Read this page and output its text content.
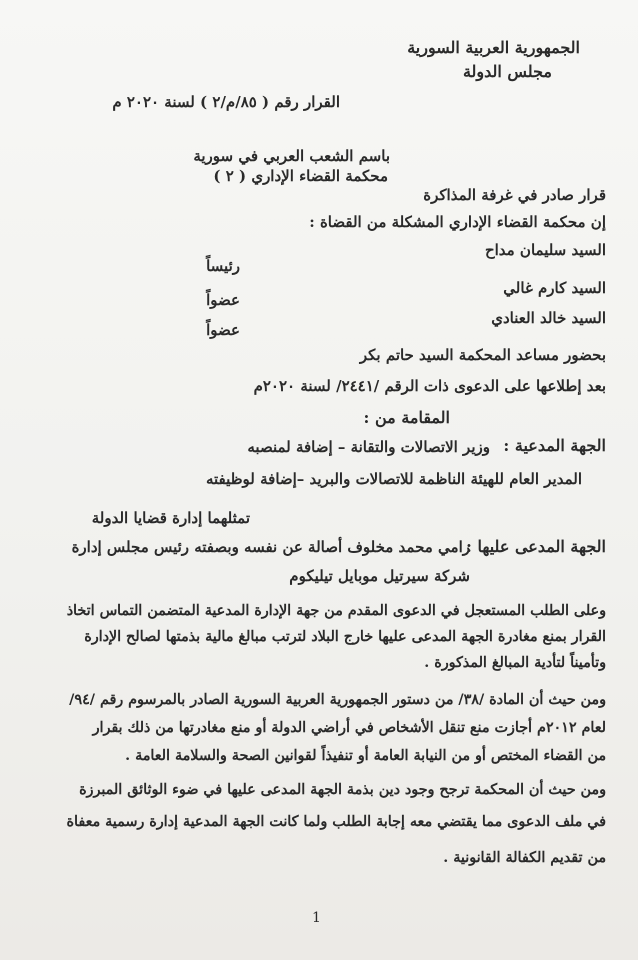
الجمهورية العربية السورية
مجلس الدولة
القرار رقم ( ٨٥/م/٢ ) لسنة ٢٠٢٠ م
باسم الشعب العربي في سورية
محكمة القضاء الإداري ( ٢ )
قرار صادر في غرفة المذاكرة
إن محكمة القضاء الإداري المشكلة من القضاة :
السيد سليمان مداح
رئيساً
السيد كارم غالي
عضواً
السيد خالد العنادي
عضواً
بحضور مساعد المحكمة السيد حاتم بكر
بعد إطلاعها على الدعوى ذات الرقم /٢٤٤١/ لسنة ٢٠٢٠م
المقامة من :
الجهة المدعية :
وزير الاتصالات والتقانة – إضافة لمنصبه
المدير العام للهيئة الناظمة للاتصالات والبريد –إضافة لوظيفته
تمثلهما إدارة قضايا الدولة
الجهة المدعى عليها :
رامي محمد مخلوف أصالة عن نفسه وبصفته رئيس مجلس إدارة
شركة سيرتيل موبايل تيليكوم
وعلى الطلب المستعجل في الدعوى المقدم من جهة الإدارة المدعية المتضمن التماس اتخاذ
القرار بمنع مغادرة الجهة المدعى عليها خارج البلاد لترتب مبالغ مالية بذمتها لصالح الإدارة
وتأميناً لتأدية المبالغ المذكورة .
ومن حيث أن المادة /٣٨/ من دستور الجمهورية العربية السورية الصادر بالمرسوم رقم /٩٤/
لعام ٢٠١٢م أجازت منع تنقل الأشخاص في أراضي الدولة أو منع مغادرتها من ذلك بقرار
من القضاء المختص أو من النيابة العامة أو تنفيذاً لقوانين الصحة والسلامة العامة .
ومن حيث أن المحكمة ترجح وجود دين بذمة الجهة المدعى عليها في ضوء الوثائق المبرزة
في ملف الدعوى مما يقتضي معه إجابة الطلب ولما كانت الجهة المدعية إدارة رسمية معفاة
من تقديم الكفالة القانونية .
1
